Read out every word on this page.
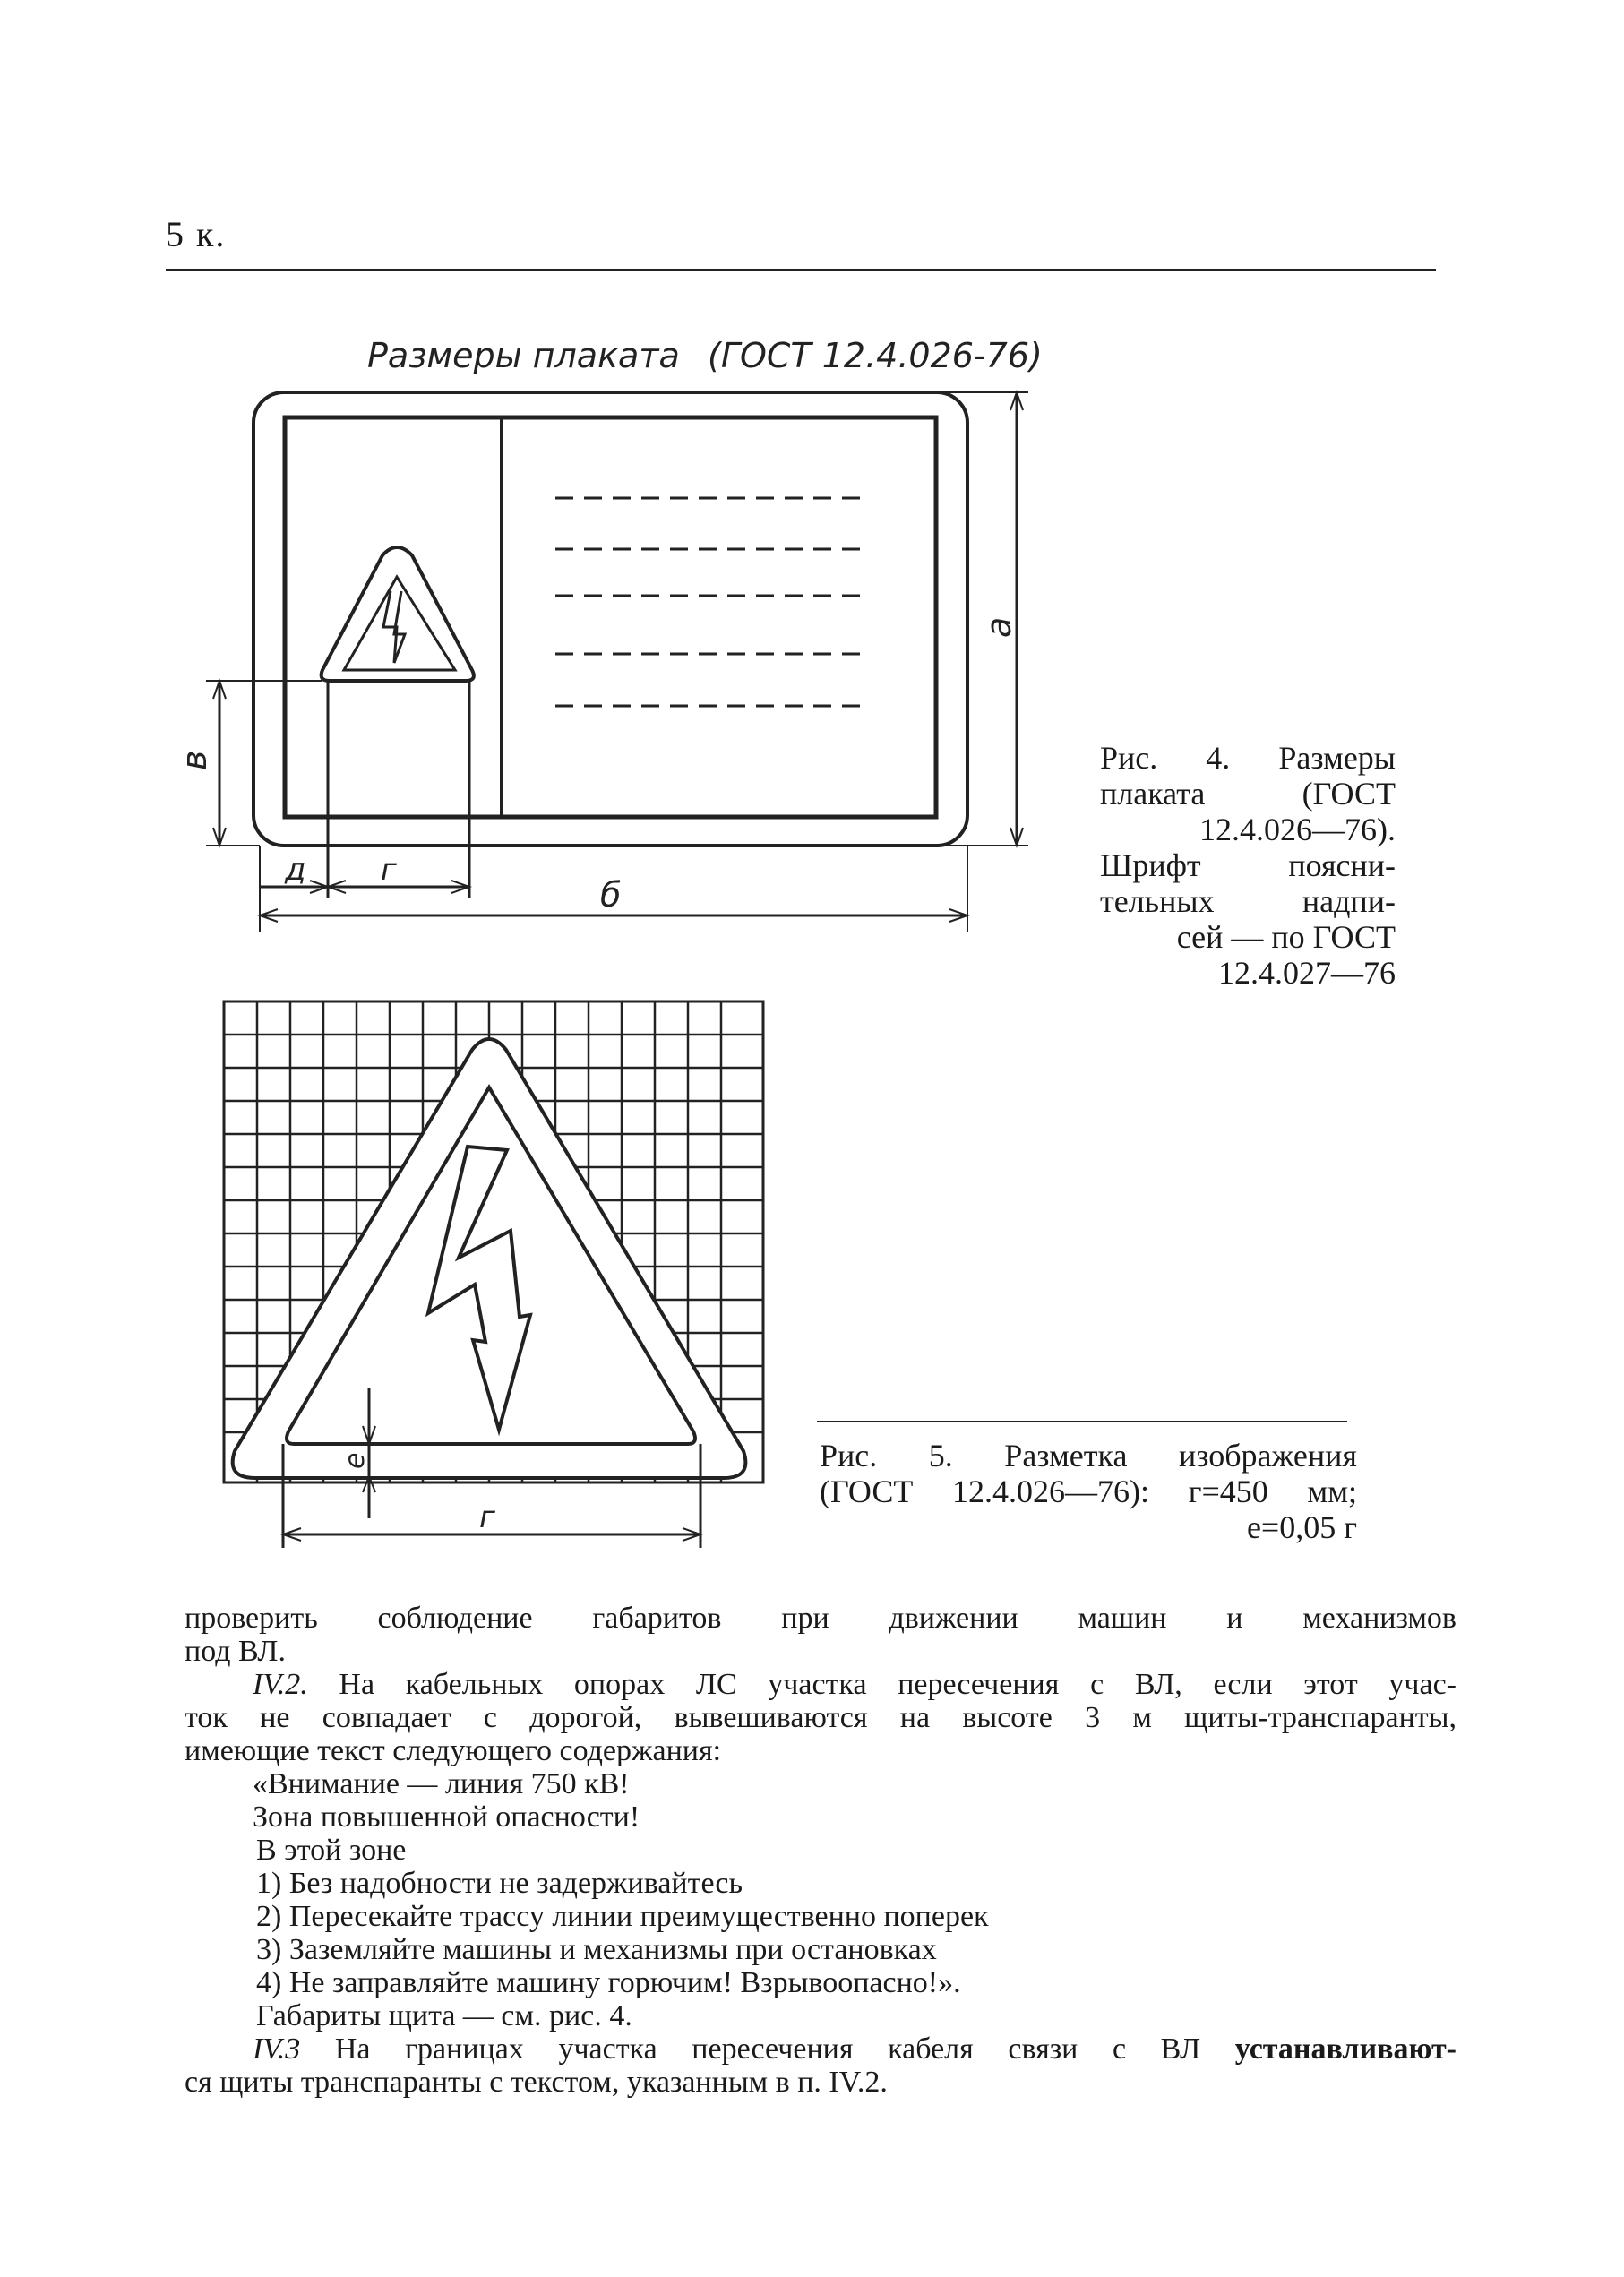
5 к.
Размеры плаката (ГОСТ 12.4.026-76)
а
в
д г
б
е
г
Рис. 4. Размеры
плаката (ГОСТ
12.4.026—76).
Шрифт поясни-
тельных надпи-
сей — по ГОСТ
12.4.027—76
Рис. 5. Разметка изображения
(ГОСТ 12.4.026—76): г=450 мм;
е=0,05 г

проверить соблюдение габаритов при движении машин и механизмов

под ВЛ.

IV.2. На кабельных опорах ЛС участка пересечения с ВЛ, если этот учас-

ток не совпадает с дорогой, вывешиваются на высоте 3 м щиты-транспаранты,

имеющие текст следующего содержания:

«Внимание — линия 750 кВ!

Зона повышенной опасности!

В этой зоне

1) Без надобности не задерживайтесь

2) Пересекайте трассу линии преимущественно поперек

3) Заземляйте машины и механизмы при остановках

4) Не заправляйте машину горючим! Взрывоопасно!».

Габариты щита — см. рис. 4.

IV.3 На границах участка пересечения кабеля связи с ВЛ устанавливают-

ся щиты транспаранты с текстом, указанным в п. IV.2.
